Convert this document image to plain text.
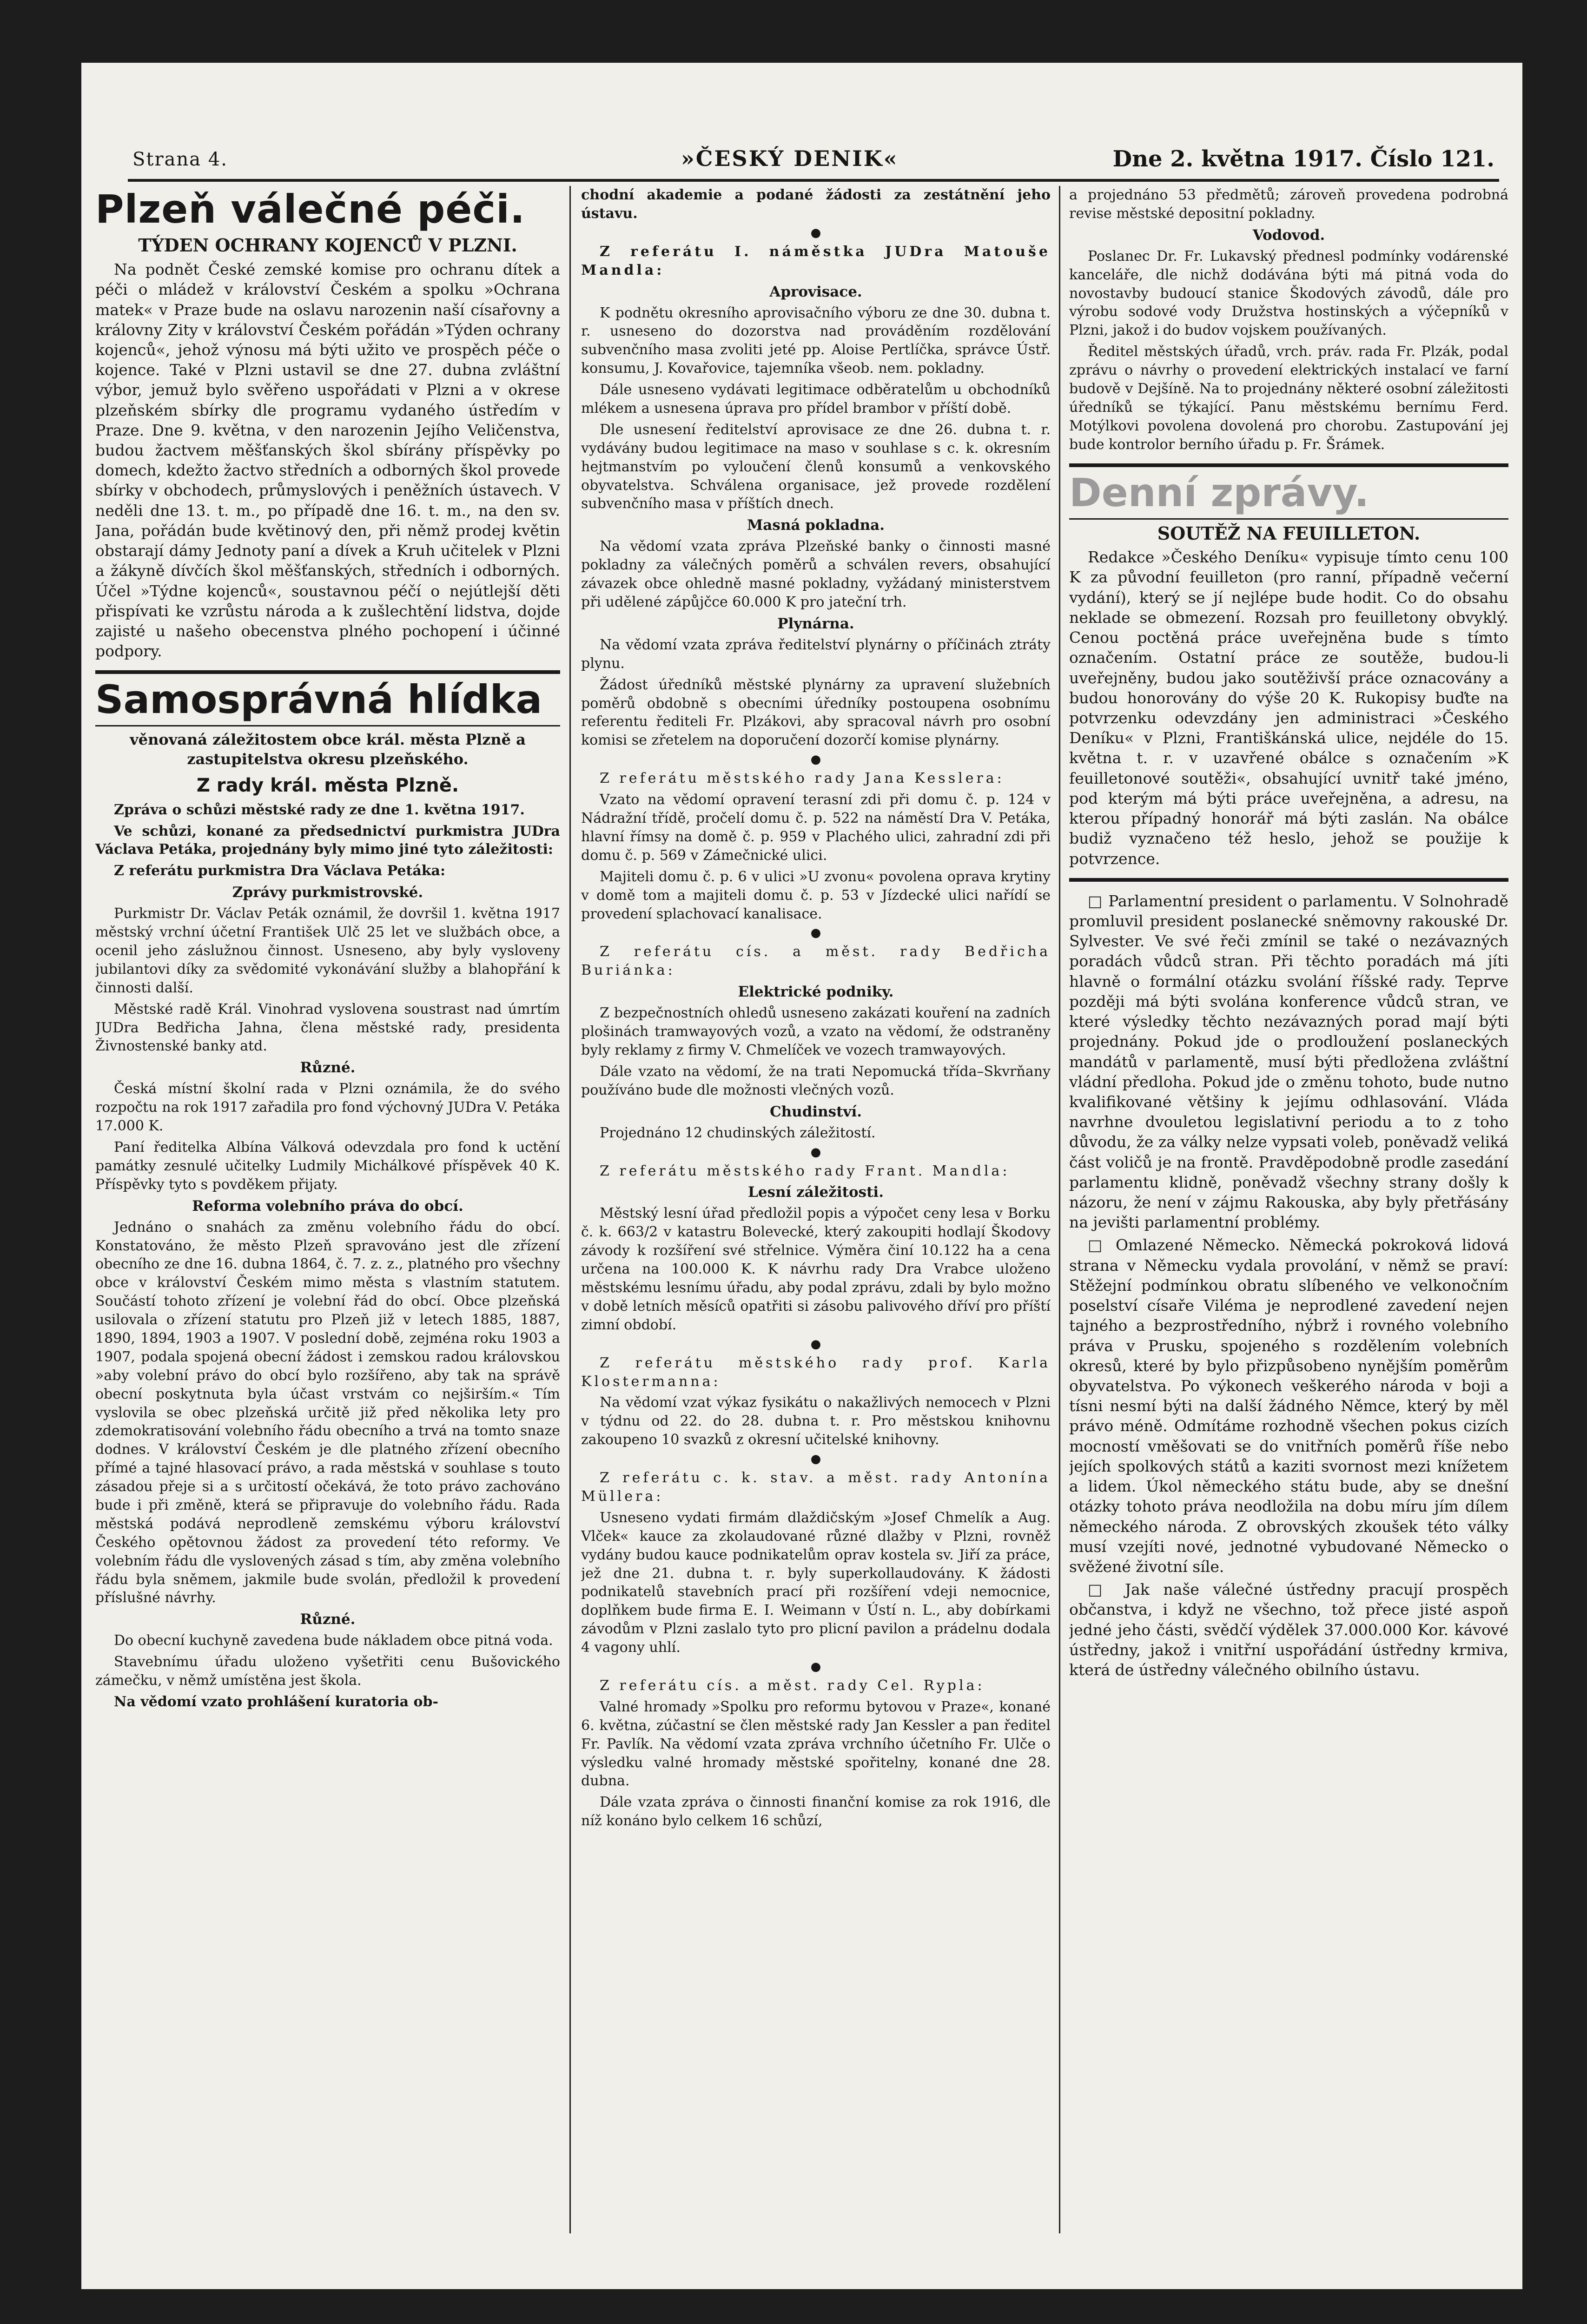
Strana 4.	»ČESKÝ DENIK«	Dne 2. května 1917. Číslo 121.
Plzeň válečné péči.
TÝDEN OCHRANY KOJENCŮ V PLZNI.

Na podnět České zemské komise pro ochranu dítek a péči o mládež v království Českém a spolku »Ochrana matek« v Praze bude na oslavu narozenin naší císařovny a královny Zity v království Českém pořádán »Týden ochrany kojenců«, jehož výnosu má býti užito ve prospěch péče o kojence. Také v Plzni ustavil se dne 27. dubna zvláštní výbor, jemuž bylo svěřeno uspořádati v Plzni a v okrese plzeňském sbírky dle programu vydaného ústředím v Praze. Dne 9. května, v den narozenin Jejího Veličenstva, budou žactvem měšťanských škol sbírány příspěvky po domech, kdežto žactvo středních a odborných škol provede sbírky v obchodech, průmyslových i peněžních ústavech. V neděli dne 13. t. m., po případě dne 16. t. m., na den sv. Jana, pořádán bude květinový den, při němž prodej květin obstarají dámy Jednoty paní a dívek a Kruh učitelek v Plzni a žákyně dívčích škol měšťanských, středních i odborných. Účel »Týdne kojenců«, soustavnou péčí o nejútlejší děti přispívati ke vzrůstu národa a k zušlechtění lidstva, dojde zajisté u našeho obecenstva plného pochopení i účinné podpory.

Samosprávná hlídka
věnovaná záležitostem obce král. města Plzně a zastupitelstva okresu plzeňského.
Z rady král. města Plzně.

Zpráva o schůzi městské rady ze dne 1. května 1917.

Ve schůzi, konané za předsednictví purkmistra JUDra Václava Petáka, projednány byly mimo jiné tyto záležitosti:

Z referátu purkmistra Dra Václava Petáka:

Zprávy purkmistrovské.

Purkmistr Dr. Václav Peták oznámil, že dovršil 1. května 1917 městský vrchní účetní František Ulč 25 let ve službách obce, a ocenil jeho záslužnou činnost. Usneseno, aby byly vysloveny jubilantovi díky za svědomité vykonávání služby a blahopřání k činnosti další.

Městské radě Král. Vinohrad vyslovena soustrast nad úmrtím JUDra Bedřicha Jahna, člena městské rady, presidenta Živnostenské banky atd.

Různé.

Česká místní školní rada v Plzni oznámila, že do svého rozpočtu na rok 1917 zařadila pro fond výchovný JUDra V. Petáka 17.000 K.

Paní ředitelka Albína Válková odevzdala pro fond k uctění památky zesnulé učitelky Ludmily Michálkové příspěvek 40 K. Příspěvky tyto s povděkem přijaty.

Reforma volebního práva do obcí.

Jednáno o snahách za změnu volebního řádu do obcí. Konstatováno, že město Plzeň spravováno jest dle zřízení obecního ze dne 16. dubna 1864, č. 7. z. z., platného pro všechny obce v království Českém mimo města s vlastním statutem. Součástí tohoto zřízení je volební řád do obcí. Obce plzeňská usilovala o zřízení statutu pro Plzeň již v letech 1885, 1887, 1890, 1894, 1903 a 1907. V poslední době, zejména roku 1903 a 1907, podala spojená obecní žádost i zemskou radou královskou »aby volební právo do obcí bylo rozšířeno, aby tak na správě obecní poskytnuta byla účast vrstvám co nejširším.« Tím vyslovila se obec plzeňská určitě již před několika lety pro zdemokratisování volebního řádu obecního a trvá na tomto snaze dodnes. V království Českém je dle platného zřízení obecního přímé a tajné hlasovací právo, a rada městská v souhlase s touto zásadou přeje si a s určitostí očekává, že toto právo zachováno bude i při změně, která se připravuje do volebního řádu. Rada městská podává neprodleně zemskému výboru království Českého opětovnou žádost za provedení této reformy. Ve volebním řádu dle vyslovených zásad s tím, aby změna volebního řádu byla sněmem, jakmile bude svolán, předložil k provedení příslušné návrhy.

Různé.

Do obecní kuchyně zavedena bude nákladem obce pitná voda.

Stavebnímu úřadu uloženo vyšetřiti cenu Bušovického zámečku, v němž umístěna jest škola.

Na vědomí vzato prohlášení kuratoria ob-

chodní akademie a podané žádosti za zestátnění jeho ústavu.

●

Z referátu I. náměstka JUDra Matouše Mandla:

Aprovisace.

K podnětu okresního aprovisačního výboru ze dne 30. dubna t. r. usneseno do dozorstva nad prováděním rozdělování subvenčního masa zvoliti jeté pp. Aloise Pertlíčka, správce Ústř. konsumu, J. Kovařovice, tajemníka všeob. nem. pokladny.

Dále usneseno vydávati legitimace odběratelům u obchodníků mlékem a usnesena úprava pro přídel brambor v příští době.

Dle usnesení ředitelství aprovisace ze dne 26. dubna t. r. vydávány budou legitimace na maso v souhlase s c. k. okresním hejtmanstvím po vyloučení členů konsumů a venkovského obyvatelstva. Schválena organisace, jež provede rozdělení subvenčního masa v příštích dnech.

Masná pokladna.

Na vědomí vzata zpráva Plzeňské banky o činnosti masné pokladny za válečných poměrů a schválen revers, obsahující závazek obce ohledně masné pokladny, vyžádaný ministerstvem při udělené zápůjčce 60.000 K pro jateční trh.

Plynárna.

Na vědomí vzata zpráva ředitelství plynárny o příčinách ztráty plynu.

Žádost úředníků městské plynárny za upravení služebních poměrů obdobně s obecními úředníky postoupena osobnímu referentu řediteli Fr. Plzákovi, aby spracoval návrh pro osobní komisi se zřetelem na doporučení dozorčí komise plynárny.

●

Z referátu městského rady Jana Kesslera:

Vzato na vědomí opravení terasní zdi při domu č. p. 124 v Nádražní třídě, pročelí domu č. p. 522 na náměstí Dra V. Petáka, hlavní římsy na domě č. p. 959 v Plachého ulici, zahradní zdi při domu č. p. 569 v Zámečnické ulici.

Majiteli domu č. p. 6 v ulici »U zvonu« povolena oprava krytiny v domě tom a majiteli domu č. p. 53 v Jízdecké ulici nařídí se provedení splachovací kanalisace.

●

Z referátu cís. a měst. rady Bedřicha Buriánka:

Elektrické podniky.

Z bezpečnostních ohledů usneseno zakázati kouření na zadních plošinách tramwayových vozů, a vzato na vědomí, že odstraněny byly reklamy z firmy V. Chmelíček ve vozech tramwayových.

Dále vzato na vědomí, že na trati Nepomucká třída–Skvrňany používáno bude dle možnosti vlečných vozů.

Chudinství.

Projednáno 12 chudinských záležitostí.

●

Z referátu městského rady Frant. Mandla:

Lesní záležitosti.

Městský lesní úřad předložil popis a výpočet ceny lesa v Borku č. k. 663/2 v katastru Bolevecké, který zakoupiti hodlají Škodovy závody k rozšíření své střelnice. Výměra činí 10.122 ha a cena určena na 100.000 K. K návrhu rady Dra Vrabce uloženo městskému lesnímu úřadu, aby podal zprávu, zdali by bylo možno v době letních měsíců opatřiti si zásobu palivového dříví pro příští zimní období.

●

Z referátu městského rady prof. Karla Klostermanna:

Na vědomí vzat výkaz fysikátu o nakažlivých nemocech v Plzni v týdnu od 22. do 28. dubna t. r. Pro městskou knihovnu zakoupeno 10 svazků z okresní učitelské knihovny.

●

Z referátu c. k. stav. a měst. rady Antonína Müllera:

Usneseno vydati firmám dlaždičským »Josef Chmelík a Aug. Vlček« kauce za zkolaudované různé dlažby v Plzni, rovněž vydány budou kauce podnikatelům oprav kostela sv. Jiří za práce, jež dne 21. dubna t. r. byly superkollaudovány. K žádosti podnikatelů stavebních prací při rozšíření vdeji nemocnice, doplňkem bude firma E. I. Weimann v Ústí n. L., aby dobírkami závodům v Plzni zaslalo tyto pro plicní pavilon a prádelnu dodala 4 vagony uhlí.

●

Z referátu cís. a měst. rady Cel. Rypla:

Valné hromady »Spolku pro reformu bytovou v Praze«, konané 6. května, zúčastní se člen městské rady Jan Kessler a pan ředitel Fr. Pavlík. Na vědomí vzata zpráva vrchního účetního Fr. Ulče o výsledku valné hromady městské spořitelny, konané dne 28. dubna.

Dále vzata zpráva o činnosti finanční komise za rok 1916, dle níž konáno bylo celkem 16 schůzí,

a projednáno 53 předmětů; zároveň provedena podrobná revise městské depositní pokladny.

Vodovod.

Poslanec Dr. Fr. Lukavský přednesl podmínky vodárenské kanceláře, dle nichž dodávána býti má pitná voda do novostavby budoucí stanice Škodových závodů, dále pro výrobu sodové vody Družstva hostinských a výčepníků v Plzni, jakož i do budov vojskem používaných.

Ředitel městských úřadů, vrch. práv. rada Fr. Plzák, podal zprávu o návrhy o provedení elektrických instalací ve farní budově v Dejšíně. Na to projednány některé osobní záležitosti úředníků se týkající. Panu městskému bernímu Ferd. Motýlkovi povolena dovolená pro chorobu. Zastupování jej bude kontrolor berního úřadu p. Fr. Šrámek.

Denní zprávy.
SOUTĚŽ NA FEUILLETON.

Redakce »Českého Deníku« vypisuje tímto cenu 100 K za původní feuilleton (pro ranní, případně večerní vydání), který se jí nejlépe bude hodit. Co do obsahu neklade se obmezení. Rozsah pro feuilletony obvyklý. Cenou poctěná práce uveřejněna bude s tímto označením. Ostatní práce ze soutěže, budou-li uveřejněny, budou jako soutěživší práce oznacovány a budou honorovány do výše 20 K. Rukopisy buďte na potvrzenku odevzdány jen administraci »Českého Deníku« v Plzni, Františkánská ulice, nejdéle do 15. května t. r. v uzavřené obálce s označením »K feuilletonové soutěži«, obsahující uvnitř také jméno, pod kterým má býti práce uveřejněna, a adresu, na kterou případný honorář má býti zaslán. Na obálce budiž vyznačeno též heslo, jehož se použije k potvrzence.

□ Parlamentní president o parlamentu. V Solnohradě promluvil president poslanecké sněmovny rakouské Dr. Sylvester. Ve své řeči zmínil se také o nezávazných poradách vůdců stran. Při těchto poradách má jíti hlavně o formální otázku svolání říšské rady. Teprve později má býti svolána konference vůdců stran, ve které výsledky těchto nezávazných porad mají býti projednány. Pokud jde o prodloužení poslaneckých mandátů v parlamentě, musí býti předložena zvláštní vládní předloha. Pokud jde o změnu tohoto, bude nutno kvalifikované většiny k jejímu odhlasování. Vláda navrhne dvouletou legislativní periodu a to z toho důvodu, že za války nelze vypsati voleb, poněvadž veliká část voličů je na frontě. Pravděpodobně prodle zasedání parlamentu klidně, poněvadž všechny strany došly k názoru, že není v zájmu Rakouska, aby byly přetřásány na jevišti parlamentní problémy.

□ Omlazené Německo. Německá pokroková lidová strana v Německu vydala provolání, v němž se praví: Stěžejní podmínkou obratu slíbeného ve velkonočním poselství císaře Viléma je neprodlené zavedení nejen tajného a bezprostředního, nýbrž i rovného volebního práva v Prusku, spojeného s rozdělením volebních okresů, které by bylo přizpůsobeno nynějším poměrům obyvatelstva. Po výkonech veškerého národa v boji a tísni nesmí býti na další žádného Němce, který by měl právo méně. Odmítáme rozhodně všechen pokus cizích mocností vměšovati se do vnitřních poměrů říše nebo jejích spolkových států a kaziti svornost mezi knížetem a lidem. Úkol německého státu bude, aby se dnešní otázky tohoto práva neodložila na dobu míru jím dílem německého národa. Z obrovských zkoušek této války musí vzejíti nové, jednotné vybudované Německo o svěžené životní síle.

□ Jak naše válečné ústředny pracují prospěch občanstva, i když ne všechno, tož přece jisté aspoň jedné jeho části, svědčí výdělek 37.000.000 Kor. kávové ústředny, jakož i vnitřní uspořádání ústředny krmiva, která de ústředny válečného obilního ústavu.
